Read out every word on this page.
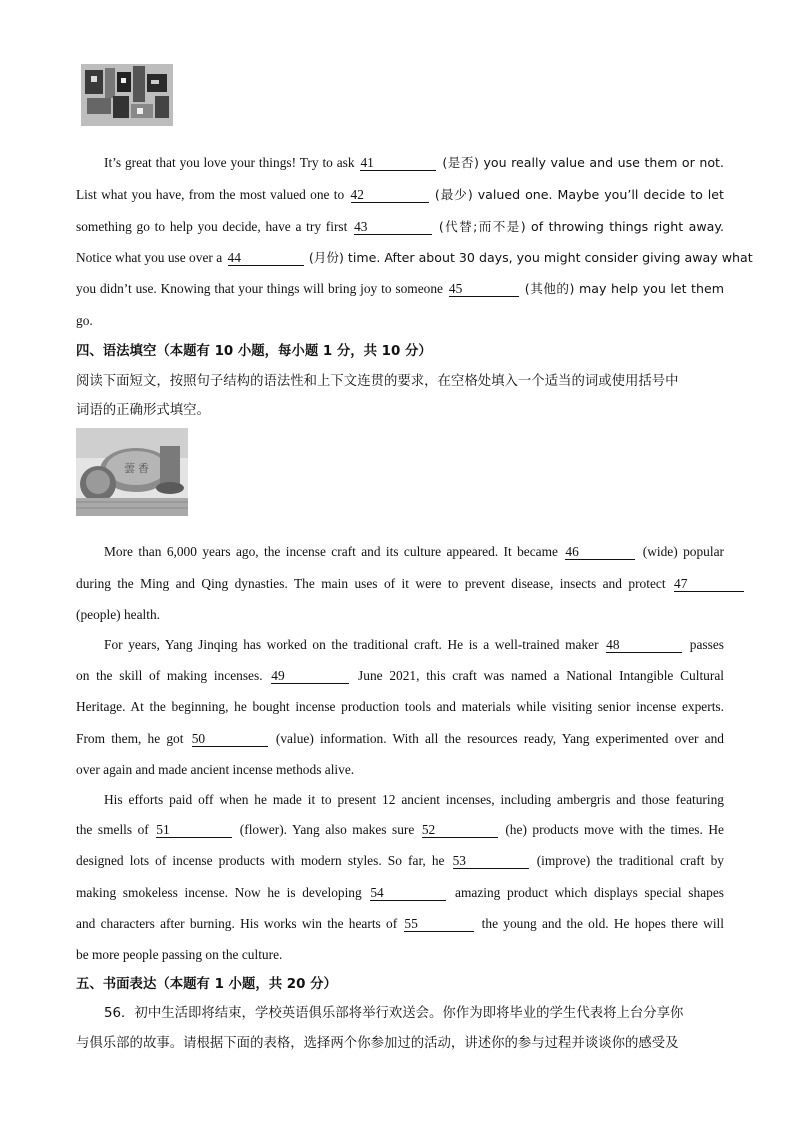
It’s great that you love your things! Try to ask 41	(是否) you really value and use them or not.
List what you have, from the most valued one to 42	(最少) valued one. Maybe you’ll decide to let
something go to help you decide, have a try first 43	(代替;而不是) of throwing things right away.
Notice what you use over a 44	(月份) time. After about 30 days, you might consider giving away what
you didn’t use. Knowing that your things will bring joy to someone 45	(其他的) may help you let them
go.
四、语法填空（本题有 10 小题，每小题 1 分，共 10 分）
阅读下面短文，按照句子结构的语法性和上下文连贯的要求，在空格处填入一个适当的词或使用括号中
词语的正确形式填空。
蕓 香
More than 6,000 years ago, the incense craft and its culture appeared. It became 46	(wide) popular
during the Ming and Qing dynasties. The main uses of it were to prevent disease, insects and protect 47
(people) health.
For years, Yang Jinqing has worked on the traditional craft. He is a well-trained maker 48	passes
on the skill of making incenses. 49	June 2021, this craft was named a National Intangible Cultural
Heritage. At the beginning, he bought incense production tools and materials while visiting senior incense experts.
From them, he got 50	(value) information. With all the resources ready, Yang experimented over and
over again and made ancient incense methods alive.
His efforts paid off when he made it to present 12 ancient incenses, including ambergris and those featuring
the smells of 51	(flower). Yang also makes sure 52	(he) products move with the times. He
designed lots of incense products with modern styles. So far, he 53	(improve) the traditional craft by
making smokeless incense. Now he is developing 54	amazing product which displays special shapes
and characters after burning. His works win the hearts of 55	the young and the old. He hopes there will
be more people passing on the culture.
五、书面表达（本题有 1 小题，共 20 分）
56．初中生活即将结束，学校英语俱乐部将举行欢送会。你作为即将毕业的学生代表将上台分享你
与俱乐部的故事。请根据下面的表格，选择两个你参加过的活动，讲述你的参与过程并谈谈你的感受及
